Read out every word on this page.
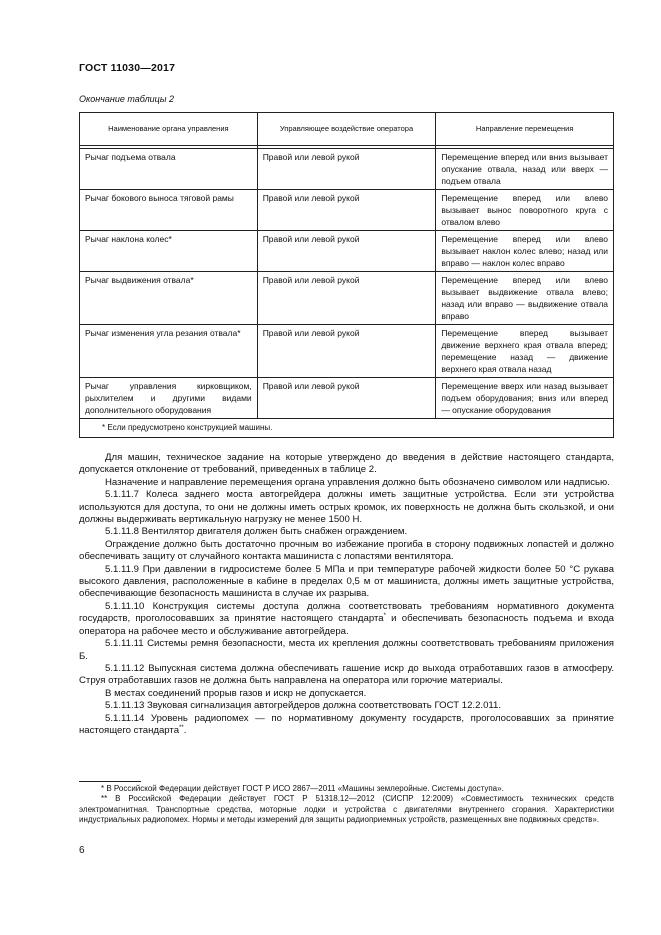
ГОСТ 11030—2017
Окончание таблицы 2
Наименование органа управления	Управляющее воздействие оператора	Направление перемещения

Рычаг подъема отвала	Правой или левой рукой	Перемещение вперед или вниз вызывает опускание отвала, назад или вверх — подъем отвала
Рычаг бокового выноса тяговой рамы	Правой или левой рукой	Перемещение вперед или влево вызывает вынос поворотного круга с отвалом влево
Рычаг наклона колес*	Правой или левой рукой	Перемещение вперед или влево вызывает наклон колес влево; назад или вправо — наклон колес вправо
Рычаг выдвижения отвала*	Правой или левой рукой	Перемещение вперед или влево вызывает выдвижение отвала влево; назад или вправо — выдвижение отвала вправо
Рычаг изменения угла резания отвала*	Правой или левой рукой	Перемещение вперед вызывает движение верхнего края отвала вперед; перемещение назад — движение верхнего края отвала назад
Рычаг управления кирковщиком, рыхлителем и другими видами дополнительного оборудования	Правой или левой рукой	Перемещение вверх или назад вызывает подъем оборудования; вниз или вперед — опускание оборудования
* Если предусмотрено конструкцией машины.		

Для машин, техническое задание на которые утверждено до введения в действие настоящего стандарта, допускается отклонение от требований, приведенных в таблице 2.

Назначение и направление перемещения органа управления должно быть обозначено символом или надписью.

5.1.11.7 Колеса заднего моста автогрейдера должны иметь защитные устройства. Если эти устройства используются для доступа, то они не должны иметь острых кромок, их поверхность не должна быть скользкой, и они должны выдерживать вертикальную нагрузку не менее 1500 Н.

5.1.11.8 Вентилятор двигателя должен быть снабжен ограждением.

Ограждение должно быть достаточно прочным во избежание прогиба в сторону подвижных лопастей и должно обеспечивать защиту от случайного контакта машиниста с лопастями вентилятора.

5.1.11.9 При давлении в гидросистеме более 5 МПа и при температуре рабочей жидкости более 50 °С рукава высокого давления, расположенные в кабине в пределах 0,5 м от машиниста, должны иметь защитные устройства, обеспечивающие безопасность машиниста в случае их разрыва.

5.1.11.10 Конструкция системы доступа должна соответствовать требованиям нормативного документа государств, проголосовавших за принятие настоящего стандарта* и обеспечивать безопасность подъема и входа оператора на рабочее место и обслуживание автогрейдера.

5.1.11.11 Системы ремня безопасности, места их крепления должны соответствовать требованиям приложения Б.

5.1.11.12 Выпускная система должна обеспечивать гашение искр до выхода отработавших газов в атмосферу. Струя отработавших газов не должна быть направлена на оператора или горючие материалы.

В местах соединений прорыв газов и искр не допускается.

5.1.11.13 Звуковая сигнализация автогрейдеров должна соответствовать ГОСТ 12.2.011.

5.1.11.14 Уровень радиопомех — по нормативному документу государств, проголосовавших за принятие настоящего стандарта**.

* В Российской Федерации действует ГОСТ Р ИСО 2867—2011 «Машины землеройные. Системы доступа».

** В Российской Федерации действует ГОСТ Р 51318.12—2012 (СИСПР 12:2009) «Совместимость технических средств электромагнитная. Транспортные средства, моторные лодки и устройства с двигателями внутреннего сгорания. Характеристики индустриальных радиопомех. Нормы и методы измерений для защиты радиоприемных устройств, размещенных вне подвижных средств».

6
